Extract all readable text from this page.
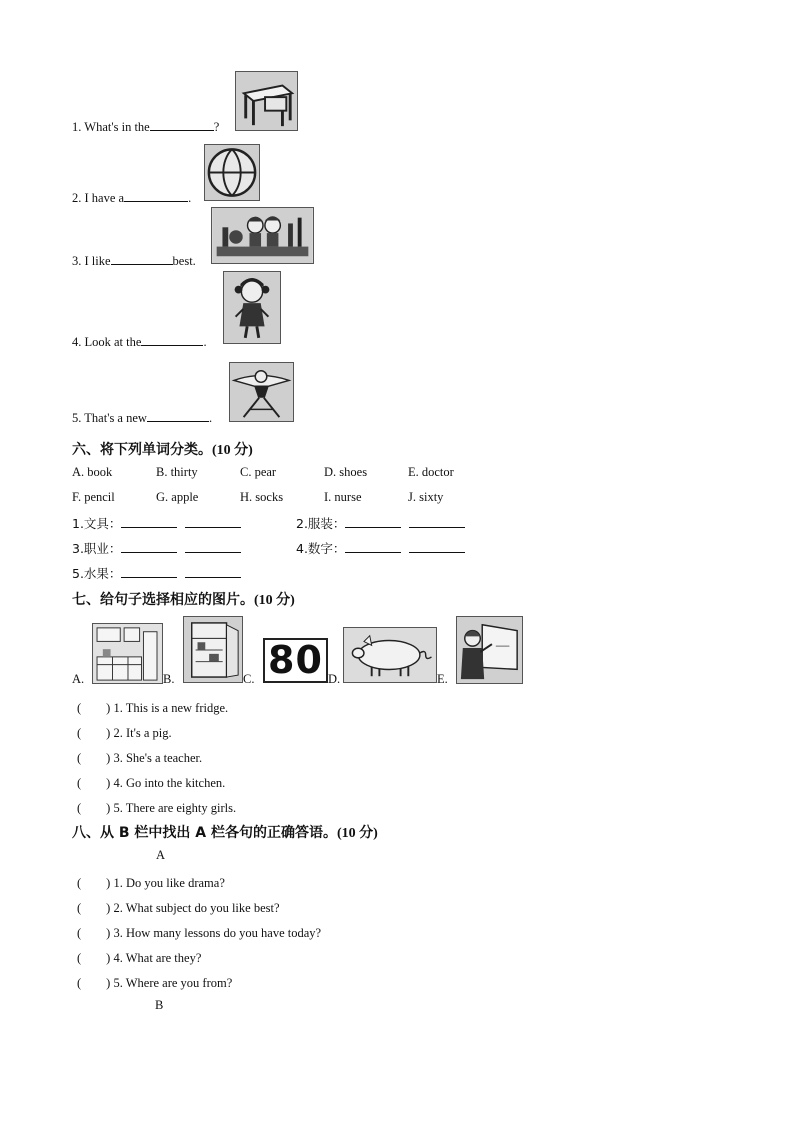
1. What's in the	?
2. I have a	.
3. I like	best.
4. Look at the	.
5. That's a new	.
六、将下列单词分类。(10 分)
A. book	B. thirty	C. pear	D. shoes	E. doctor
F. pencil	G. apple	H. socks	I. nurse	J. sixty
1.文具：	2.服装：
3.职业：	4.数字：
5.水果：
七、给句子选择相应的图片。(10 分)
A.	B.	C. 80 D.	E.
(　　) 1. This is a new fridge.
(　　) 2. It's a pig.
(　　) 3. She's a teacher.
(　　) 4. Go into the kitchen.
(　　) 5. There are eighty girls.
八、从 B 栏中找出 A 栏各句的正确答语。(10 分)
A
(　　) 1. Do you like drama?
(　　) 2. What subject do you like best?
(　　) 3. How many lessons do you have today?
(　　) 4. What are they?
(　　) 5. Where are you from?
B
